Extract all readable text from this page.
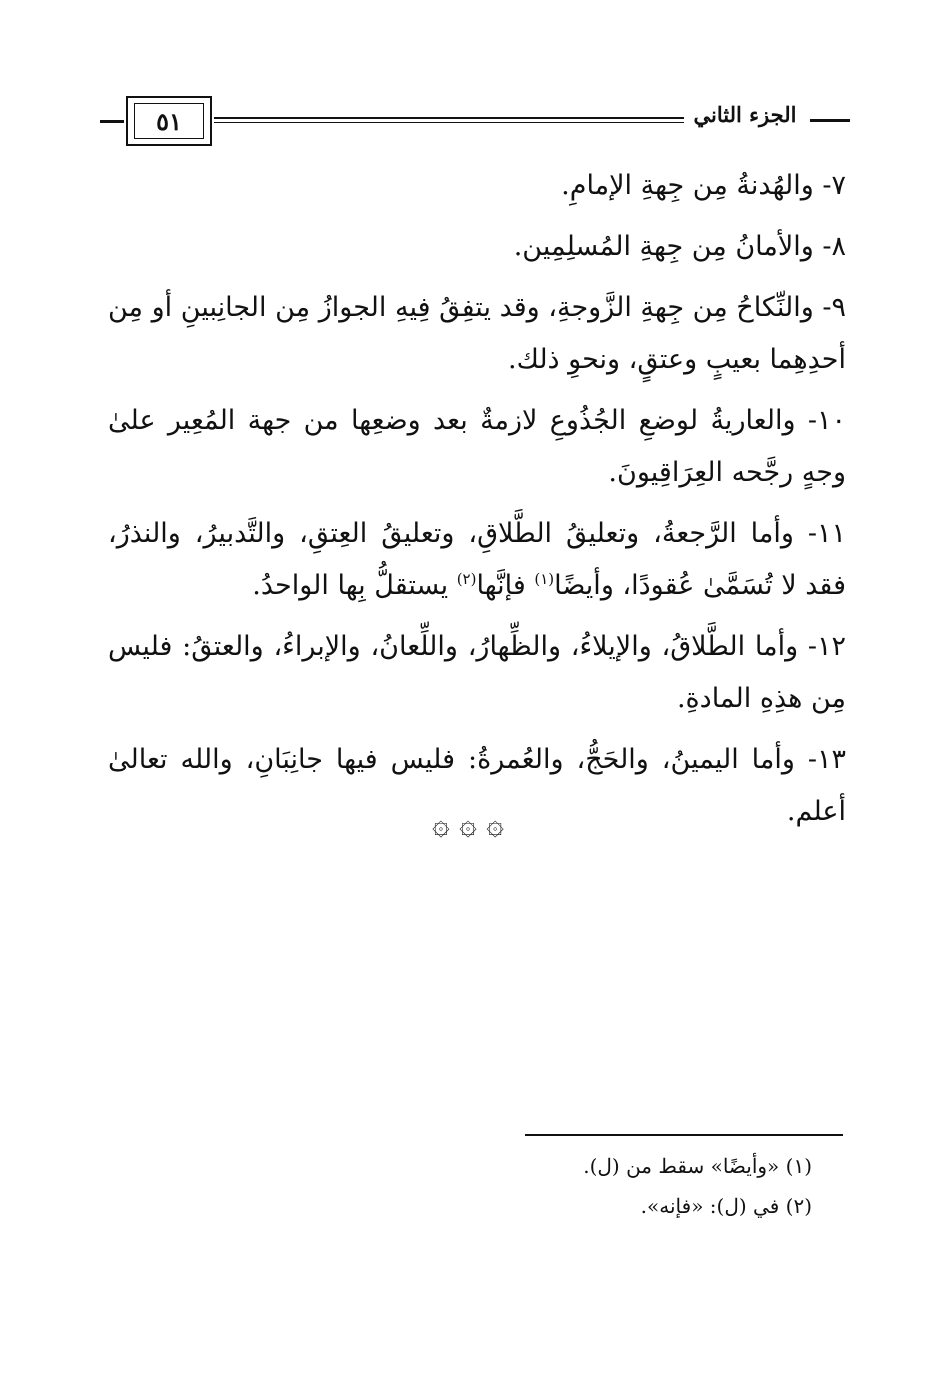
٥١	الجزء الثاني

٧- والهُدنةُ مِن جِهةِ الإمامِ.

٨- والأمانُ مِن جِهةِ المُسلِمِين.

٩- والنِّكاحُ مِن جِهةِ الزَّوجةِ، وقد يتفِقُ فِيهِ الجوازُ مِن الجانِبينِ أو مِن أحدِهِما بعيبٍ وعتقٍ، ونحوِ ذلك.

١٠- والعاريةُ لوضعِ الجُذُوعِ لازمةٌ بعد وضعِها من جهة المُعِير علىٰ وجهٍ رجَّحه العِرَاقِيونَ.

١١- وأما الرَّجعةُ، وتعليقُ الطَّلاقِ، وتعليقُ العِتقِ، والتَّدبيرُ، والنذرُ، فقد لا تُسَمَّىٰ عُقودًا، وأيضًا$^{(١)}$ فإنَّها$^{(٢)}$ يستقلُّ بِها الواحدُ.

١٢- وأما الطَّلاقُ، والإيلاءُ، والظِّهارُ، واللِّعانُ، والإبراءُ، والعتقُ: فليس مِن هذِهِ المادةِ.

١٣- وأما اليمينُ، والحَجُّ، والعُمرةُ: فليس فيها جانِبَانِ، والله تعالىٰ أعلم.

۞ ۞ ۞
(١) «وأيضًا» سقط من (ل).
(٢) في (ل): «فإنه».
